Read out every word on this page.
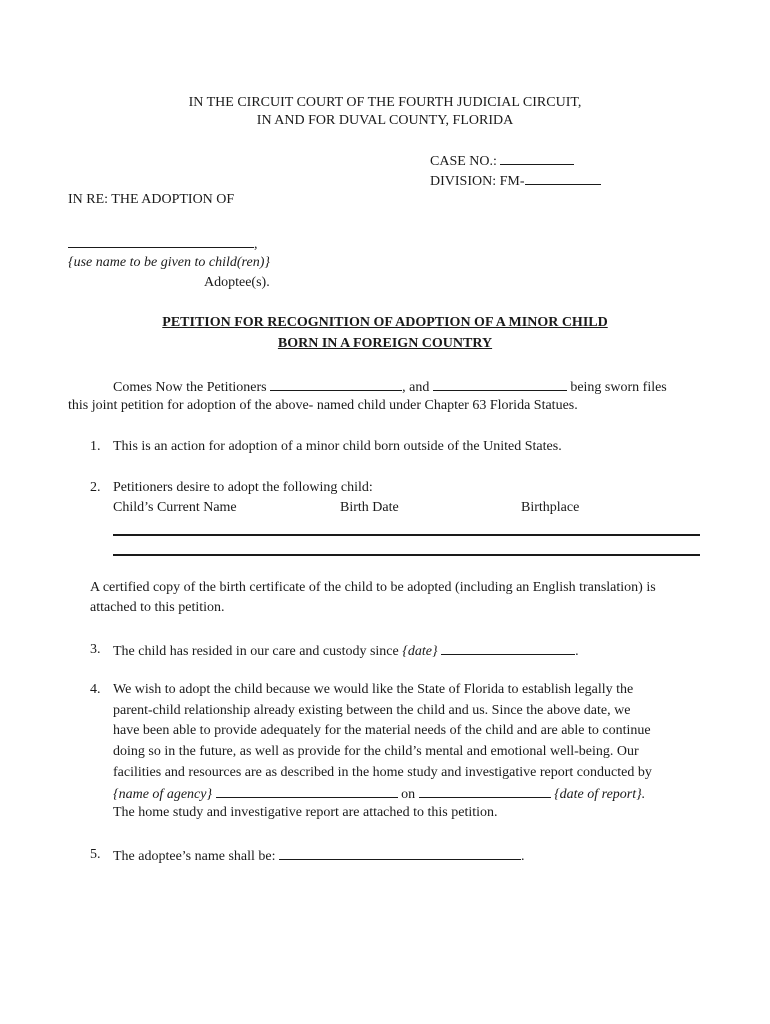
IN THE CIRCUIT COURT OF THE FOURTH JUDICIAL CIRCUIT,
IN AND FOR DUVAL COUNTY, FLORIDA
CASE NO.:
DIVISION: FM-
IN RE: THE ADOPTION OF
,
{use name to be given to child(ren)}
Adoptee(s).
PETITION FOR RECOGNITION OF ADOPTION OF A MINOR CHILD
BORN IN A FOREIGN COUNTRY
Comes Now the Petitioners	, and	being sworn files
this joint petition for adoption of the above- named child under Chapter 63 Florida Statues.
1. This is an action for adoption of a minor child born outside of the United States.
2. Petitioners desire to adopt the following child:
Child’s Current Name	Birth Date	Birthplace
A certified copy of the birth certificate of the child to be adopted (including an English translation) is
attached to this petition.
3. The child has resided in our care and custody since {date}	.
4. We wish to adopt the child because we would like the State of Florida to establish legally the
parent-child relationship already existing between the child and us. Since the above date, we
have been able to provide adequately for the material needs of the child and are able to continue
doing so in the future, as well as provide for the child’s mental and emotional well-being. Our
facilities and resources are as described in the home study and investigative report conducted by
{name of agency}	on	{date of report}.
The home study and investigative report are attached to this petition.
5. The adoptee’s name shall be:	.
